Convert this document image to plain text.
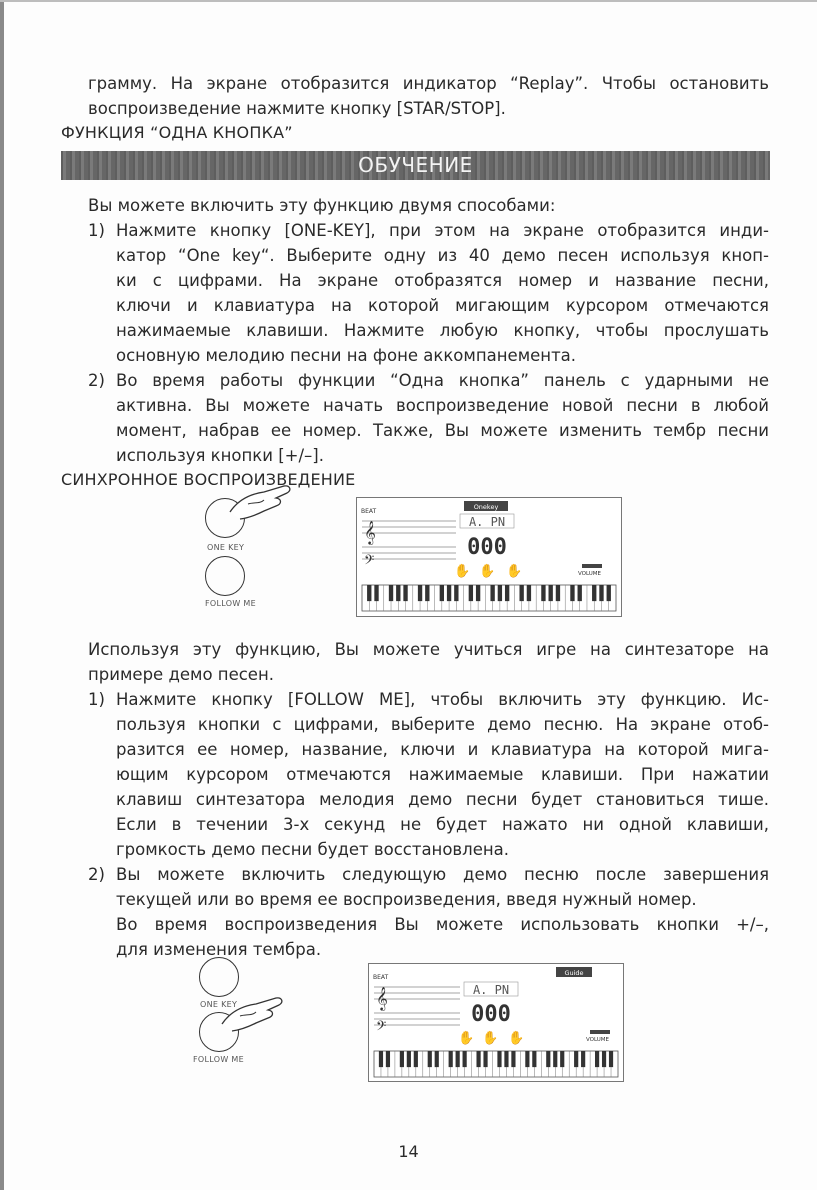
грамму. На экране отобразится индикатор “Replay”. Чтобы остановить
воспроизведение нажмите кнопку [STAR/STOP].
ФУНКЦИЯ “ОДНА КНОПКА”
ОБУЧЕНИЕ
Вы можете включить эту функцию двумя способами:
1) Нажмите кнопку [ONE-KEY], при этом на экране отобразится инди-
катор “One key“. Выберите одну из 40 демо песен используя кноп-
ки с цифрами. На экране отобразятся номер и название песни,
ключи и клавиатура на которой мигающим курсором отмечаются
нажимаемые клавиши. Нажмите любую кнопку, чтобы прослушать
основную мелодию песни на фоне аккомпанемента.
2) Во время работы функции “Одна кнопка” панель с ударными не
активна. Вы можете начать воспроизведение новой песни в любой
момент, набрав ее номер. Также, Вы можете изменить тембр песни
используя кнопки [+/–].
СИНХРОННОЕ ВОСПРОИЗВЕДЕНИЕ
ONE KEY
FOLLOW ME
BEAT
Onekey
𝄞
𝄢
A. PN
000
✋ ✋ ✋	VOLUME
Используя эту функцию, Вы можете учиться игре на синтезаторе на
примере демо песен.
1) Нажмите кнопку [FOLLOW ME], чтобы включить эту функцию. Ис-
пользуя кнопки с цифрами, выберите демо песню. На экране отоб-
разится ее номер, название, ключи и клавиатура на которой мига-
ющим курсором отмечаются нажимаемые клавиши. При нажатии
клавиш синтезатора мелодия демо песни будет становиться тише.
Если в течении 3-х секунд не будет нажато ни одной клавиши,
громкость демо песни будет восстановлена.
2) Вы можете включить следующую демо песню после завершения
текущей или во время ее воспроизведения, введя нужный номер.
Во время воспроизведения Вы можете использовать кнопки +/–,
для изменения тембра.
ONE KEY
FOLLOW ME
BEAT
Guide
𝄞
𝄢
A. PN
000
✋ ✋ ✋	VOLUME
14
